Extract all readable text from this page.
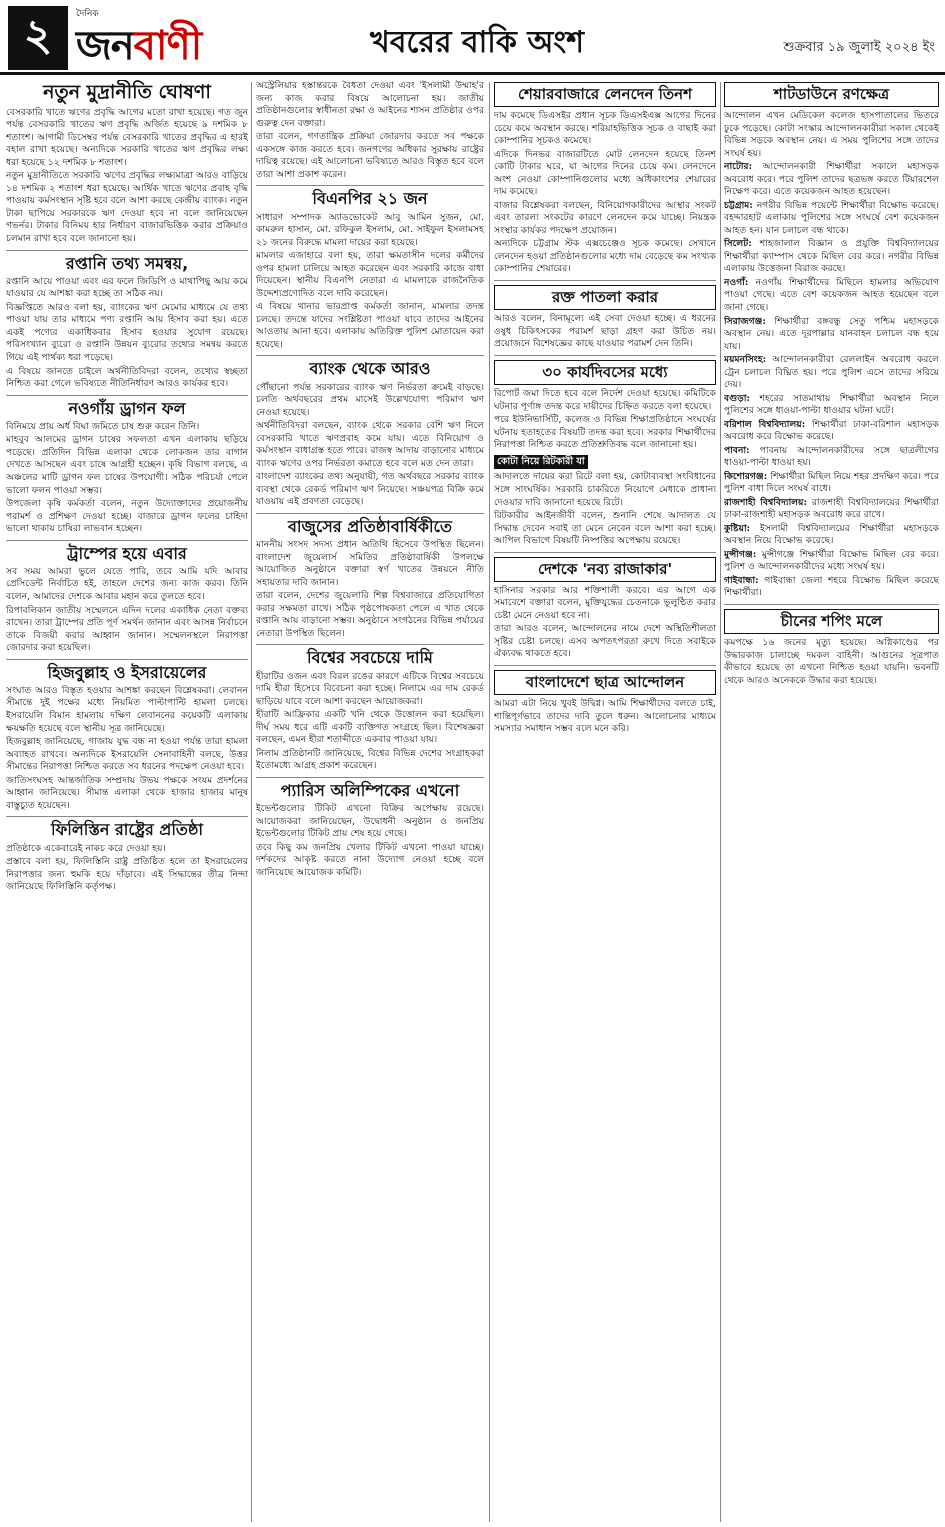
২	দৈনিক
জনবাণী	খবরের বাকি অংশ	শুক্রবার ১৯ জুলাই ২০২৪ ইং
নতুন মুদ্রানীতি ঘোষণা

বেসরকারি খাতে ঋণের প্রবৃদ্ধি আগের মতো রাখা হয়েছে। গত জুন পর্যন্ত বেসরকারি খাতের ঋণ প্রবৃদ্ধি অর্জিত হয়েছে ৯ দশমিক ৮ শতাংশ। আগামী ডিসেম্বর পর্যন্ত বেসরকারি খাতের প্রবৃদ্ধির এ হারই বহাল রাখা হয়েছে। অন্যদিকে সরকারি খাতের ঋণ প্রবৃদ্ধির লক্ষ্য ধরা হয়েছে ১২ দশমিক ৮ শতাংশ।

নতুন মুদ্রানীতিতে সরকারি ঋণের প্রবৃদ্ধির লক্ষ্যমাত্রা আরও বাড়িয়ে ১৪ দশমিক ২ শতাংশ ধরা হয়েছে। আর্থিক খাতে ঋণের প্রবাহ বৃদ্ধি পাওয়ায় কর্মসংস্থান সৃষ্টি হবে বলে আশা করছে কেন্দ্রীয় ব্যাংক। নতুন টাকা ছাপিয়ে সরকারকে ঋণ দেওয়া হবে না বলে জানিয়েছেন গভর্নর। টাকার বিনিময় হার নির্ধারণ বাজারভিত্তিক করার প্রক্রিয়াও চলমান রাখা হবে বলে জানানো হয়।

রপ্তানি তথ্য সমন্বয়,

রপ্তানি আয়ে পাওয়া এবং এর ফলে জিডিপি ও মাথাপিছু আয় কমে যাওয়ার যে আশঙ্কা করা হচ্ছে তা সঠিক নয়।

বিজ্ঞপ্তিতে আরও বলা হয়, ব্যাংকের ঋণ মেমোর মাধ্যমে যে তথ্য পাওয়া যায় তার মাধ্যমে পণ্য রপ্তানি আয় হিসাব করা হয়। এতে একই পণ্যের একাধিকবার হিসাব হওয়ার সুযোগ রয়েছে। পরিসংখ্যান ব্যুরো ও রপ্তানি উন্নয়ন ব্যুরোর তথ্যের সমন্বয় করতে গিয়ে এই পার্থক্য ধরা পড়েছে।

এ বিষয়ে জানতে চাইলে অর্থনীতিবিদরা বলেন, তথ্যের স্বচ্ছতা নিশ্চিত করা গেলে ভবিষ্যতে নীতিনির্ধারণ আরও কার্যকর হবে।

নওগাঁয় ড্রাগন ফল

বিনিময়ে প্রায় অর্ধ বিঘা জমিতে চাষ শুরু করেন তিনি।

মাহবুব আলমের ড্রাগন চাষের সফলতা এখন এলাকায় ছড়িয়ে পড়েছে। প্রতিদিন বিভিন্ন এলাকা থেকে লোকজন তার বাগান দেখতে আসছেন এবং চাষে আগ্রহী হচ্ছেন। কৃষি বিভাগ বলছে, এ অঞ্চলের মাটি ড্রাগন ফল চাষের উপযোগী। সঠিক পরিচর্যা পেলে ভালো ফলন পাওয়া সম্ভব।

উপজেলা কৃষি কর্মকর্তা বলেন, নতুন উদ্যোক্তাদের প্রয়োজনীয় পরামর্শ ও প্রশিক্ষণ দেওয়া হচ্ছে। বাজারে ড্রাগন ফলের চাহিদা ভালো থাকায় চাষিরা লাভবান হচ্ছেন।

ট্রাম্পের হয়ে এবার

সব সময় আমরা ভুলে যেতে পারি, তবে আমি যদি আবার প্রেসিডেন্ট নির্বাচিত হই, তাহলে দেশের জন্য কাজ করব। তিনি বলেন, আমাদের দেশকে আবার মহান করে তুলতে হবে।

রিপাবলিকান জাতীয় সম্মেলনে এদিন দলের একাধিক নেতা বক্তব্য রাখেন। তারা ট্রাম্পের প্রতি পূর্ণ সমর্থন জানান এবং আসন্ন নির্বাচনে তাকে বিজয়ী করার আহ্বান জানান। সম্মেলনস্থলে নিরাপত্তা জোরদার করা হয়েছিল।

হিজবুল্লাহ ও ইসরায়েলের

সংঘাত আরও বিস্তৃত হওয়ার আশঙ্কা করছেন বিশ্লেষকরা। লেবানন সীমান্তে দুই পক্ষের মধ্যে নিয়মিত পাল্টাপাল্টি হামলা চলছে। ইসরায়েলি বিমান হামলায় দক্ষিণ লেবাননের কয়েকটি এলাকায় ক্ষয়ক্ষতি হয়েছে বলে স্থানীয় সূত্র জানিয়েছে।

হিজবুল্লাহ জানিয়েছে, গাজায় যুদ্ধ বন্ধ না হওয়া পর্যন্ত তারা হামলা অব্যাহত রাখবে। অন্যদিকে ইসরায়েলি সেনাবাহিনী বলছে, উত্তর সীমান্তের নিরাপত্তা নিশ্চিত করতে সব ধরনের পদক্ষেপ নেওয়া হবে।

জাতিসংঘসহ আন্তর্জাতিক সম্প্রদায় উভয় পক্ষকে সংযম প্রদর্শনের আহ্বান জানিয়েছে। সীমান্ত এলাকা থেকে হাজার হাজার মানুষ বাস্তুচ্যুত হয়েছেন।

ফিলিস্তিন রাষ্ট্রের প্রতিষ্ঠা

প্রতিষ্ঠাকে একেবারেই নাকচ করে দেওয়া হয়।

প্রস্তাবে বলা হয়, ফিলিস্তিনি রাষ্ট্র প্রতিষ্ঠিত হলে তা ইসরায়েলের নিরাপত্তার জন্য হুমকি হয়ে দাঁড়াবে। এই সিদ্ধান্তের তীব্র নিন্দা জানিয়েছে ফিলিস্তিনি কর্তৃপক্ষ।

অস্ট্রেলিয়ার হস্তান্তরকে বৈধতা দেওয়া এবং 'ইসলামী উম্মাহ'র জন্য কাজ করার বিষয়ে আলোচনা হয়। জাতীয় প্রতিষ্ঠানগুলোর স্বাধীনতা রক্ষা ও আইনের শাসন প্রতিষ্ঠার ওপর গুরুত্ব দেন বক্তারা।

তারা বলেন, গণতান্ত্রিক প্রক্রিয়া জোরদার করতে সব পক্ষকে একসঙ্গে কাজ করতে হবে। জনগণের অধিকার সুরক্ষায় রাষ্ট্রের দায়িত্ব রয়েছে। এই আলোচনা ভবিষ্যতে আরও বিস্তৃত হবে বলে তারা আশা প্রকাশ করেন।

বিএনপির ২১ জন

সাধারণ সম্পাদক অ্যাডভোকেট আবু আমিন সুজন, মো. কামরুল হাসান, মো. রফিকুল ইসলাম, মো. সাইফুল ইসলামসহ ২১ জনের বিরুদ্ধে মামলা দায়ের করা হয়েছে।

মামলার এজাহারে বলা হয়, তারা ক্ষমতাসীন দলের কর্মীদের ওপর হামলা চালিয়ে আহত করেছেন এবং সরকারি কাজে বাধা দিয়েছেন। স্থানীয় বিএনপি নেতারা এ মামলাকে রাজনৈতিক উদ্দেশ্যপ্রণোদিত বলে দাবি করেছেন।

এ বিষয়ে থানার ভারপ্রাপ্ত কর্মকর্তা জানান, মামলার তদন্ত চলছে। তদন্তে যাদের সংশ্লিষ্টতা পাওয়া যাবে তাদের আইনের আওতায় আনা হবে। এলাকায় অতিরিক্ত পুলিশ মোতায়েন করা হয়েছে।

ব্যাংক থেকে আরও

পৌঁছানো পর্যন্ত সরকারের ব্যাংক ঋণ নির্ভরতা ক্রমেই বাড়ছে। চলতি অর্থবছরের প্রথম মাসেই উল্লেখযোগ্য পরিমাণ ঋণ নেওয়া হয়েছে।

অর্থনীতিবিদরা বলছেন, ব্যাংক থেকে সরকার বেশি ঋণ নিলে বেসরকারি খাতে ঋণপ্রবাহ কমে যায়। এতে বিনিয়োগ ও কর্মসংস্থান বাধাগ্রস্ত হতে পারে। রাজস্ব আদায় বাড়ানোর মাধ্যমে ব্যাংক ঋণের ওপর নির্ভরতা কমাতে হবে বলে মত দেন তারা।

বাংলাদেশ ব্যাংকের তথ্য অনুযায়ী, গত অর্থবছরে সরকার ব্যাংক ব্যবস্থা থেকে রেকর্ড পরিমাণ ঋণ নিয়েছে। সঞ্চয়পত্র বিক্রি কমে যাওয়ায় এই প্রবণতা বেড়েছে।

বাজুসের প্রতিষ্ঠাবার্ষিকীতে

মাননীয় সংসদ সদস্য প্রধান অতিথি হিসেবে উপস্থিত ছিলেন। বাংলাদেশ জুয়েলার্স সমিতির প্রতিষ্ঠাবার্ষিকী উপলক্ষে আয়োজিত অনুষ্ঠানে বক্তারা স্বর্ণ খাতের উন্নয়নে নীতি সহায়তার দাবি জানান।

তারা বলেন, দেশের জুয়েলারি শিল্প বিশ্ববাজারে প্রতিযোগিতা করার সক্ষমতা রাখে। সঠিক পৃষ্ঠপোষকতা পেলে এ খাত থেকে রপ্তানি আয় বাড়ানো সম্ভব। অনুষ্ঠানে সংগঠনের বিভিন্ন পর্যায়ের নেতারা উপস্থিত ছিলেন।

বিশ্বের সবচেয়ে দামি

হীরাটির ওজন এবং বিরল রঙের কারণে এটিকে বিশ্বের সবচেয়ে দামি হীরা হিসেবে বিবেচনা করা হচ্ছে। নিলামে এর দাম রেকর্ড ছাড়িয়ে যাবে বলে আশা করছেন আয়োজকরা।

হীরাটি আফ্রিকার একটি খনি থেকে উত্তোলন করা হয়েছিল। দীর্ঘ সময় ধরে এটি একটি ব্যক্তিগত সংগ্রহে ছিল। বিশেষজ্ঞরা বলছেন, এমন হীরা শতাব্দীতে একবার পাওয়া যায়।

নিলাম প্রতিষ্ঠানটি জানিয়েছে, বিশ্বের বিভিন্ন দেশের সংগ্রাহকরা ইতোমধ্যে আগ্রহ প্রকাশ করেছেন।

প্যারিস অলিম্পিকের এখনো

ইভেন্টগুলোর টিকিট এখনো বিক্রির অপেক্ষায় রয়েছে। আয়োজকরা জানিয়েছেন, উদ্বোধনী অনুষ্ঠান ও জনপ্রিয় ইভেন্টগুলোর টিকিট প্রায় শেষ হয়ে গেছে।

তবে কিছু কম জনপ্রিয় খেলার টিকিট এখনো পাওয়া যাচ্ছে। দর্শকদের আকৃষ্ট করতে নানা উদ্যোগ নেওয়া হচ্ছে বলে জানিয়েছে আয়োজক কমিটি।

শেয়ারবাজারে লেনদেন তিনশ

দাম কমেছে ডিএসইর প্রধান সূচক ডিএসইএক্স আগের দিনের চেয়ে কমে অবস্থান করছে। শরিয়াহভিত্তিক সূচক ও বাছাই করা কোম্পানির সূচকও কমেছে।

এদিকে দিনভর বাজারটিতে মোট লেনদেন হয়েছে তিনশ কোটি টাকার ঘরে, যা আগের দিনের চেয়ে কম। লেনদেনে অংশ নেওয়া কোম্পানিগুলোর মধ্যে অধিকাংশের শেয়ারের দাম কমেছে।

বাজার বিশ্লেষকরা বলছেন, বিনিয়োগকারীদের আস্থার সংকট এবং তারল্য সংকটের কারণে লেনদেন কমে যাচ্ছে। নিয়ন্ত্রক সংস্থার কার্যকর পদক্ষেপ প্রয়োজন।

অন্যদিকে চট্টগ্রাম স্টক এক্সচেঞ্জেও সূচক কমেছে। সেখানে লেনদেন হওয়া প্রতিষ্ঠানগুলোর মধ্যে দাম বেড়েছে কম সংখ্যক কোম্পানির শেয়ারের।

রক্ত পাতলা করার

আরও বলেন, বিনামূল্যে এই সেবা দেওয়া হচ্ছে। এ ধরনের ওষুধ চিকিৎসকের পরামর্শ ছাড়া গ্রহণ করা উচিত নয়। প্রয়োজনে বিশেষজ্ঞের কাছে যাওয়ার পরামর্শ দেন তিনি।

৩০ কার্যদিবসের মধ্যে

রিপোর্ট জমা দিতে হবে বলে নির্দেশ দেওয়া হয়েছে। কমিটিকে ঘটনার পূর্ণাঙ্গ তদন্ত করে দায়ীদের চিহ্নিত করতে বলা হয়েছে।

পরে ইউনিভার্সিটি, কলেজ ও বিভিন্ন শিক্ষাপ্রতিষ্ঠানে সংঘর্ষের ঘটনায় হতাহতের বিষয়টি তদন্ত করা হবে। সরকার শিক্ষার্থীদের নিরাপত্তা নিশ্চিত করতে প্রতিশ্রুতিবদ্ধ বলে জানানো হয়।

কোটা নিয়ে রিটকারী যা

আদালতে দায়ের করা রিটে বলা হয়, কোটাব্যবস্থা সংবিধানের সঙ্গে সাংঘর্ষিক। সরকারি চাকরিতে নিয়োগে মেধাকে প্রাধান্য দেওয়ার দাবি জানানো হয়েছে রিটে।

রিটকারীর আইনজীবী বলেন, শুনানি শেষে আদালত যে সিদ্ধান্ত দেবেন সবাই তা মেনে নেবেন বলে আশা করা হচ্ছে। আপিল বিভাগে বিষয়টি নিষ্পত্তির অপেক্ষায় রয়েছে।

দেশকে 'নব্য রাজাকার'

হাসিনার সরকার আর শক্তিশালী করবে। এর আগে এক সমাবেশে বক্তারা বলেন, মুক্তিযুদ্ধের চেতনাকে ভূলুণ্ঠিত করার চেষ্টা মেনে নেওয়া হবে না।

তারা আরও বলেন, আন্দোলনের নামে দেশে অস্থিতিশীলতা সৃষ্টির চেষ্টা চলছে। এসব অপতৎপরতা রুখে দিতে সবাইকে ঐক্যবদ্ধ থাকতে হবে।

বাংলাদেশে ছাত্র আন্দোলন

আমরা এটা নিয়ে খুবই উদ্বিগ্ন। আমি শিক্ষার্থীদের বলতে চাই, শান্তিপূর্ণভাবে তাদের দাবি তুলে ধরুন। আলোচনার মাধ্যমে সমস্যার সমাধান সম্ভব বলে মনে করি।

শাটডাউনে রণক্ষেত্র

আন্দোলন এখন মেডিকেল কলেজ হাসপাতালের ভিতরে ঢুকে পড়েছে। কোটা সংস্কার আন্দোলনকারীরা সকাল থেকেই বিভিন্ন সড়কে অবস্থান নেয়। এ সময় পুলিশের সঙ্গে তাদের সংঘর্ষ হয়।

নাটোর: আন্দোলনকারী শিক্ষার্থীরা সকালে মহাসড়ক অবরোধ করে। পরে পুলিশ তাদের ছত্রভঙ্গ করতে টিয়ারশেল নিক্ষেপ করে। এতে কয়েকজন আহত হয়েছেন।

চট্টগ্রাম: নগরীর বিভিন্ন পয়েন্টে শিক্ষার্থীরা বিক্ষোভ করেছে। বহদ্দারহাট এলাকায় পুলিশের সঙ্গে সংঘর্ষে বেশ কয়েকজন আহত হন। যান চলাচল বন্ধ থাকে।

সিলেট: শাহজালাল বিজ্ঞান ও প্রযুক্তি বিশ্ববিদ্যালয়ের শিক্ষার্থীরা ক্যাম্পাস থেকে মিছিল বের করে। নগরীর বিভিন্ন এলাকায় উত্তেজনা বিরাজ করছে।

নওগাঁ: নওগাঁয় শিক্ষার্থীদের মিছিলে হামলার অভিযোগ পাওয়া গেছে। এতে বেশ কয়েকজন আহত হয়েছেন বলে জানা গেছে।

সিরাজগঞ্জ: শিক্ষার্থীরা বঙ্গবন্ধু সেতু পশ্চিম মহাসড়কে অবস্থান নেয়। এতে দূরপাল্লার যানবাহন চলাচল বন্ধ হয়ে যায়।

ময়মনসিংহ: আন্দোলনকারীরা রেললাইন অবরোধ করলে ট্রেন চলাচল বিঘ্নিত হয়। পরে পুলিশ এসে তাদের সরিয়ে দেয়।

বগুড়া: শহরের সাতমাথায় শিক্ষার্থীরা অবস্থান নিলে পুলিশের সঙ্গে ধাওয়া-পাল্টা ধাওয়ার ঘটনা ঘটে।

বরিশাল বিশ্ববিদ্যালয়: শিক্ষার্থীরা ঢাকা-বরিশাল মহাসড়ক অবরোধ করে বিক্ষোভ করেছে।

পাবনা: পাবনায় আন্দোলনকারীদের সঙ্গে ছাত্রলীগের ধাওয়া-পাল্টা ধাওয়া হয়।

কিশোরগঞ্জ: শিক্ষার্থীরা মিছিল নিয়ে শহর প্রদক্ষিণ করে। পরে পুলিশ বাধা দিলে সংঘর্ষ বাধে।

রাজশাহী বিশ্ববিদ্যালয়: রাজশাহী বিশ্ববিদ্যালয়ের শিক্ষার্থীরা ঢাকা-রাজশাহী মহাসড়ক অবরোধ করে রাখে।

কুষ্টিয়া: ইসলামী বিশ্ববিদ্যালয়ের শিক্ষার্থীরা মহাসড়কে অবস্থান নিয়ে বিক্ষোভ করেছে।

মুন্সীগঞ্জ: মুন্সীগঞ্জে শিক্ষার্থীরা বিক্ষোভ মিছিল বের করে। পুলিশ ও আন্দোলনকারীদের মধ্যে সংঘর্ষ হয়।

গাইবান্ধা: গাইবান্ধা জেলা শহরে বিক্ষোভ মিছিল করেছে শিক্ষার্থীরা।

চীনের শপিং মলে

কমপক্ষে ১৬ জনের মৃত্যু হয়েছে। অগ্নিকাণ্ডের পর উদ্ধারকাজ চালাচ্ছে দমকল বাহিনী। আগুনের সূত্রপাত কীভাবে হয়েছে তা এখনো নিশ্চিত হওয়া যায়নি। ভবনটি থেকে আরও অনেককে উদ্ধার করা হয়েছে।
